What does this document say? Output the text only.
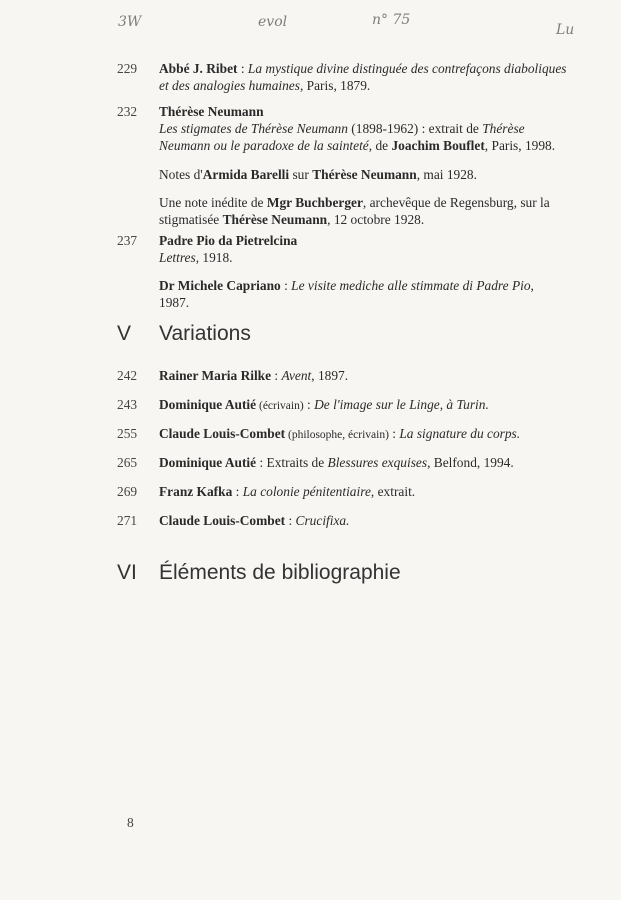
3W	evol	n° 75
Lu
229	Abbé J. Ribet : La mystique divine distinguée des contrefaçons diaboliques et des analogies humaines, Paris, 1879.

232	Thérèse Neumann
Les stigmates de Thérèse Neumann (1898-1962) : extrait de Thérèse Neumann ou le paradoxe de la sainteté, de Joachim Bouflet, Paris, 1998.

Notes d'Armida Barelli sur Thérèse Neumann, mai 1928.

Une note inédite de Mgr Buchberger, archevêque de Regensburg, sur la stigmatisée Thérèse Neumann, 12 octobre 1928.

237	Padre Pio da Pietrelcina
Lettres, 1918.

Dr Michele Capriano : Le visite mediche alle stimmate di Padre Pio, 1987.

V Variations
242	Rainer Maria Rilke : Avent, 1897.

243	Dominique Autié (écrivain) : De l'image sur le Linge, à Turin.

255	Claude Louis-Combet (philosophe, écrivain) : La signature du corps.

265	Dominique Autié : Extraits de Blessures exquises, Belfond, 1994.

269	Franz Kafka : La colonie pénitentiaire, extrait.

271	Claude Louis-Combet : Crucifixa.

VI Éléments de bibliographie
8
